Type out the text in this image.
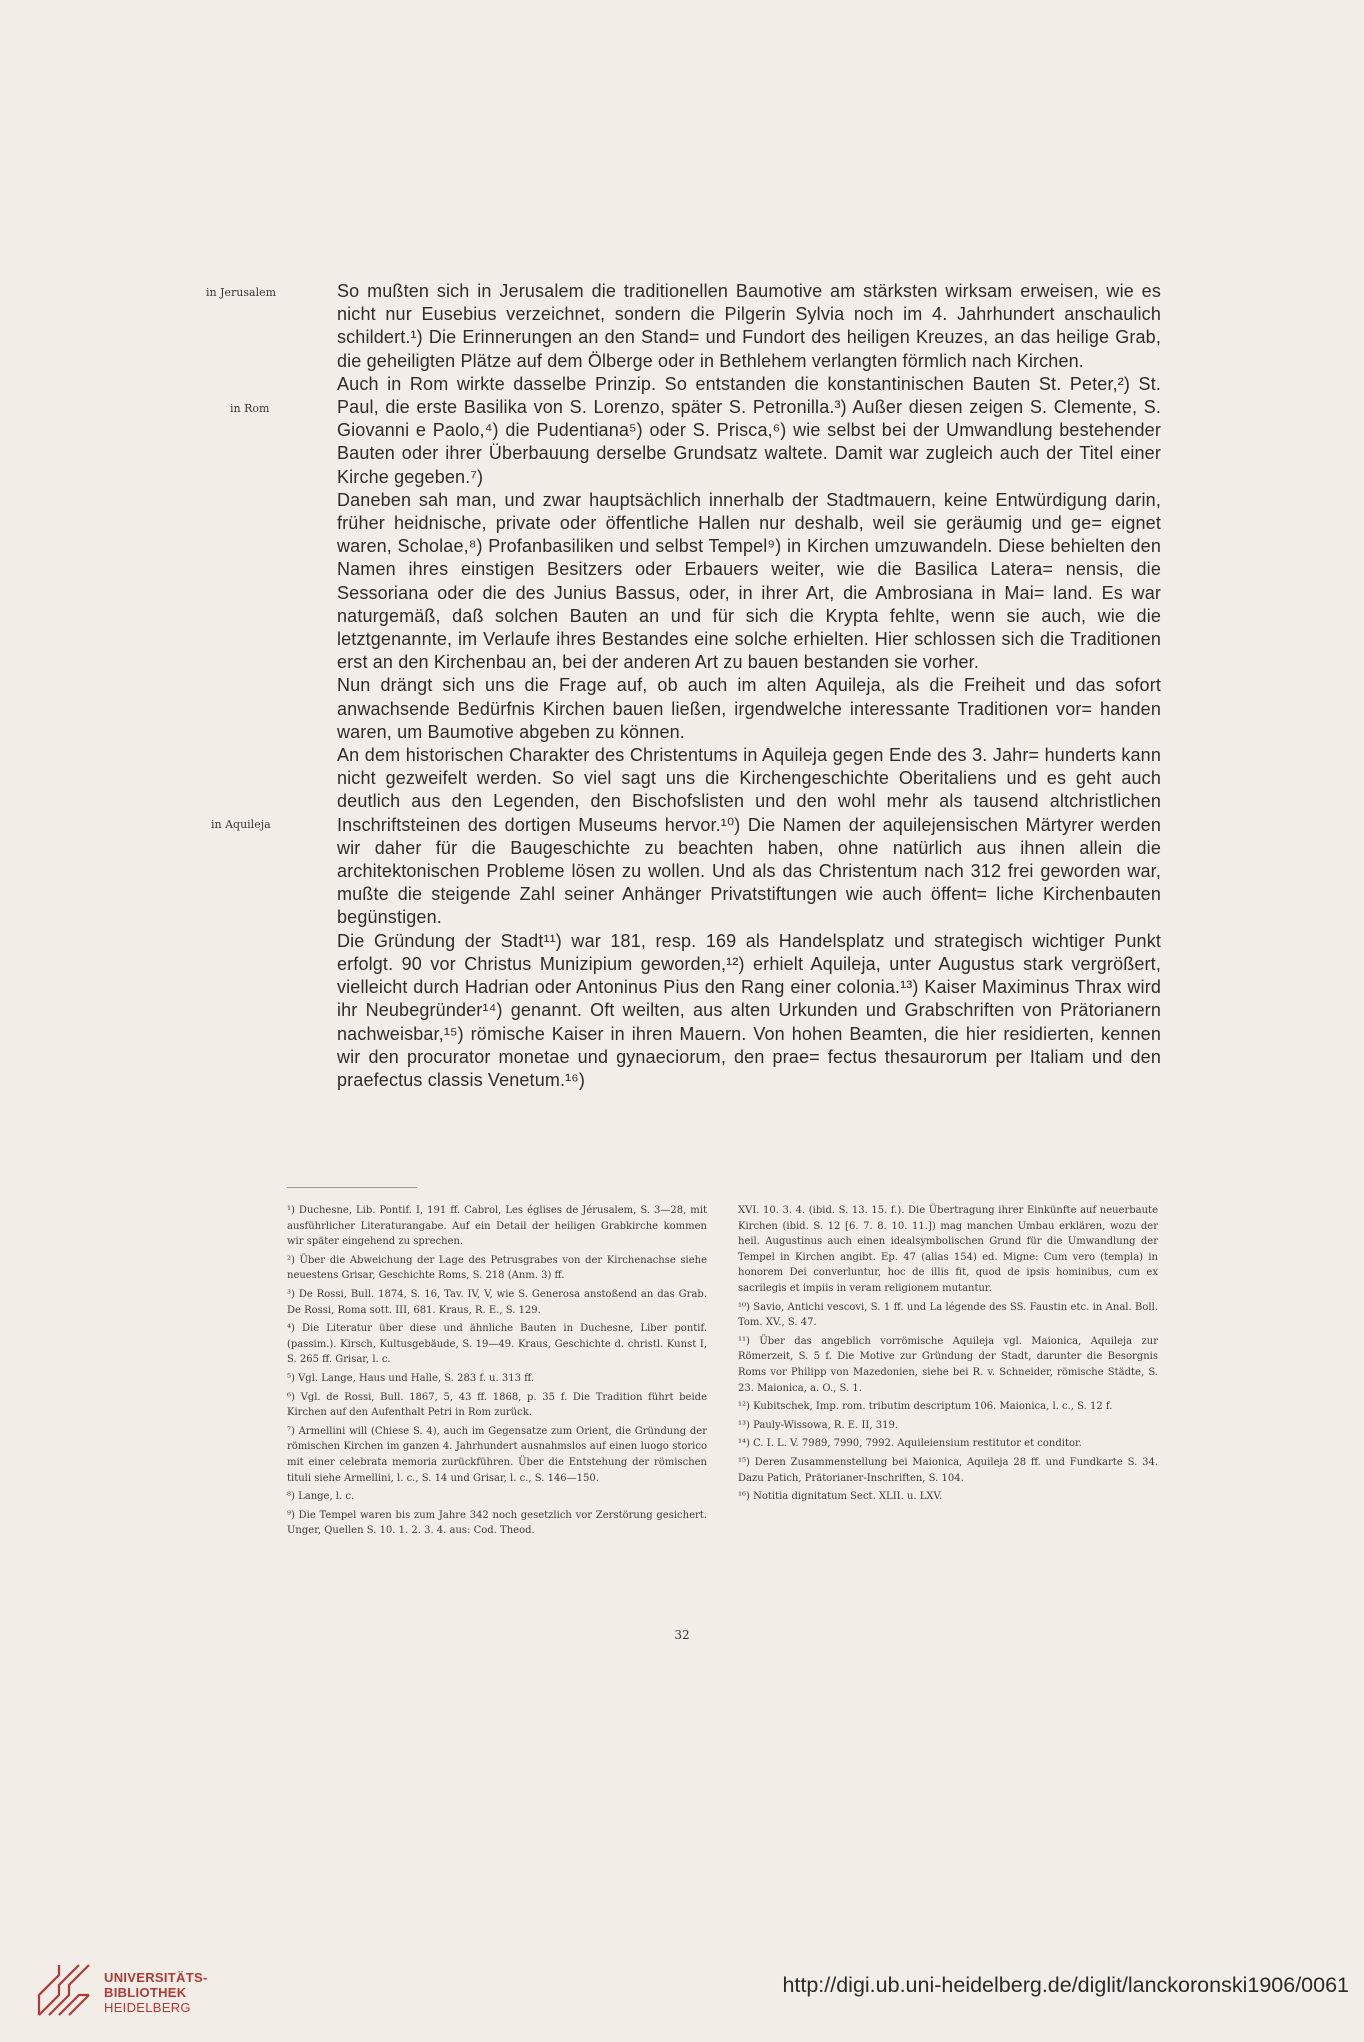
in Jerusalem
in Rom
in Aquileja

So mußten sich in Jerusalem die traditionellen Baumotive am stärksten wirksam erweisen, wie es nicht nur Eusebius verzeichnet, sondern die Pilgerin Sylvia noch im 4. Jahrhundert anschaulich schildert.¹) Die Erinnerungen an den Stand= und Fundort des heiligen Kreuzes, an das heilige Grab, die geheiligten Plätze auf dem Ölberge oder in Bethlehem verlangten förmlich nach Kirchen.

Auch in Rom wirkte dasselbe Prinzip. So entstanden die konstantinischen Bauten St. Peter,²) St. Paul, die erste Basilika von S. Lorenzo, später S. Petronilla.³) Außer diesen zeigen S. Clemente, S. Giovanni e Paolo,⁴) die Pudentiana⁵) oder S. Prisca,⁶) wie selbst bei der Umwandlung bestehender Bauten oder ihrer Überbauung derselbe Grundsatz waltete. Damit war zugleich auch der Titel einer Kirche gegeben.⁷)

Daneben sah man, und zwar hauptsächlich innerhalb der Stadtmauern, keine Entwürdigung darin, früher heidnische, private oder öffentliche Hallen nur deshalb, weil sie geräumig und ge= eignet waren, Scholae,⁸) Profanbasiliken und selbst Tempel⁹) in Kirchen umzuwandeln. Diese behielten den Namen ihres einstigen Besitzers oder Erbauers weiter, wie die Basilica Latera= nensis, die Sessoriana oder die des Junius Bassus, oder, in ihrer Art, die Ambrosiana in Mai= land. Es war naturgemäß, daß solchen Bauten an und für sich die Krypta fehlte, wenn sie auch, wie die letztgenannte, im Verlaufe ihres Bestandes eine solche erhielten. Hier schlossen sich die Traditionen erst an den Kirchenbau an, bei der anderen Art zu bauen bestanden sie vorher.

Nun drängt sich uns die Frage auf, ob auch im alten Aquileja, als die Freiheit und das sofort anwachsende Bedürfnis Kirchen bauen ließen, irgendwelche interessante Traditionen vor= handen waren, um Baumotive abgeben zu können.

An dem historischen Charakter des Christentums in Aquileja gegen Ende des 3. Jahr= hunderts kann nicht gezweifelt werden. So viel sagt uns die Kirchengeschichte Oberitaliens und es geht auch deutlich aus den Legenden, den Bischofslisten und den wohl mehr als tausend altchristlichen Inschriftsteinen des dortigen Museums hervor.¹⁰) Die Namen der aquilejensischen Märtyrer werden wir daher für die Baugeschichte zu beachten haben, ohne natürlich aus ihnen allein die architektonischen Probleme lösen zu wollen. Und als das Christentum nach 312 frei geworden war, mußte die steigende Zahl seiner Anhänger Privatstiftungen wie auch öffent= liche Kirchenbauten begünstigen.

Die Gründung der Stadt¹¹) war 181, resp. 169 als Handelsplatz und strategisch wichtiger Punkt erfolgt. 90 vor Christus Munizipium geworden,¹²) erhielt Aquileja, unter Augustus stark vergrößert, vielleicht durch Hadrian oder Antoninus Pius den Rang einer colonia.¹³) Kaiser Maximinus Thrax wird ihr Neubegründer¹⁴) genannt. Oft weilten, aus alten Urkunden und Grabschriften von Prätorianern nachweisbar,¹⁵) römische Kaiser in ihren Mauern. Von hohen Beamten, die hier residierten, kennen wir den procurator monetae und gynaeciorum, den prae= fectus thesaurorum per Italiam und den praefectus classis Venetum.¹⁶)

¹) Duchesne, Lib. Pontif. I, 191 ff. Cabrol, Les églises de Jérusalem, S. 3—28, mit ausführlicher Literaturangabe. Auf ein Detail der heiligen Grabkirche kommen wir später eingehend zu sprechen.

²) Über die Abweichung der Lage des Petrusgrabes von der Kirchenachse siehe neuestens Grisar, Geschichte Roms, S. 218 (Anm. 3) ff.

³) De Rossi, Bull. 1874, S. 16, Tav. IV, V, wie S. Generosa anstoßend an das Grab. De Rossi, Roma sott. III, 681. Kraus, R. E., S. 129.

⁴) Die Literatur über diese und ähnliche Bauten in Duchesne, Liber pontif. (passim.). Kirsch, Kultusgebäude, S. 19—49. Kraus, Geschichte d. christl. Kunst I, S. 265 ff. Grisar, l. c.

⁵) Vgl. Lange, Haus und Halle, S. 283 f. u. 313 ff.

⁶) Vgl. de Rossi, Bull. 1867, 5, 43 ff. 1868, p. 35 f. Die Tradition führt beide Kirchen auf den Aufenthalt Petri in Rom zurück.

⁷) Armellini will (Chiese S. 4), auch im Gegensatze zum Orient, die Gründung der römischen Kirchen im ganzen 4. Jahrhundert ausnahmslos auf einen luogo storico mit einer celebrata memoria zurückführen. Über die Entstehung der römischen tituli siehe Armellini, l. c., S. 14 und Grisar, l. c., S. 146—150.

⁸) Lange, l. c.

⁹) Die Tempel waren bis zum Jahre 342 noch gesetzlich vor Zerstörung gesichert. Unger, Quellen S. 10. 1. 2. 3. 4. aus: Cod. Theod.

XVI. 10. 3. 4. (ibid. S. 13. 15. f.). Die Übertragung ihrer Einkünfte auf neuerbaute Kirchen (ibid. S. 12 [6. 7. 8. 10. 11.]) mag manchen Umbau erklären, wozu der heil. Augustinus auch einen idealsymbolischen Grund für die Umwandlung der Tempel in Kirchen angibt. Ep. 47 (alias 154) ed. Migne: Cum vero (templa) in honorem Dei converluntur, hoc de illis fit, quod de ipsis hominibus, cum ex sacrilegis et impiis in veram religionem mutantur.

¹⁰) Savio, Antichi vescovi, S. 1 ff. und La légende des SS. Faustin etc. in Anal. Boll. Tom. XV., S. 47.

¹¹) Über das angeblich vorrömische Aquileja vgl. Maionica, Aquileja zur Römerzeit, S. 5 f. Die Motive zur Gründung der Stadt, darunter die Besorgnis Roms vor Philipp von Mazedonien, siehe bei R. v. Schneider, römische Städte, S. 23. Maionica, a. O., S. 1.

¹²) Kubitschek, Imp. rom. tributim descriptum 106. Maionica, l. c., S. 12 f.

¹³) Pauly-Wissowa, R. E. II, 319.

¹⁴) C. I. L. V. 7989, 7990, 7992. Aquileiensium restitutor et conditor.

¹⁵) Deren Zusammenstellung bei Maionica, Aquileja 28 ff. und Fundkarte S. 34. Dazu Patich, Prätorianer-Inschriften, S. 104.

¹⁶) Notitia dignitatum Sect. XLII. u. LXV.

32
UNIVERSITÄTS-
BIBLIOTHEK
HEIDELBERG
http://digi.ub.uni-heidelberg.de/diglit/lanckoronski1906/0061
